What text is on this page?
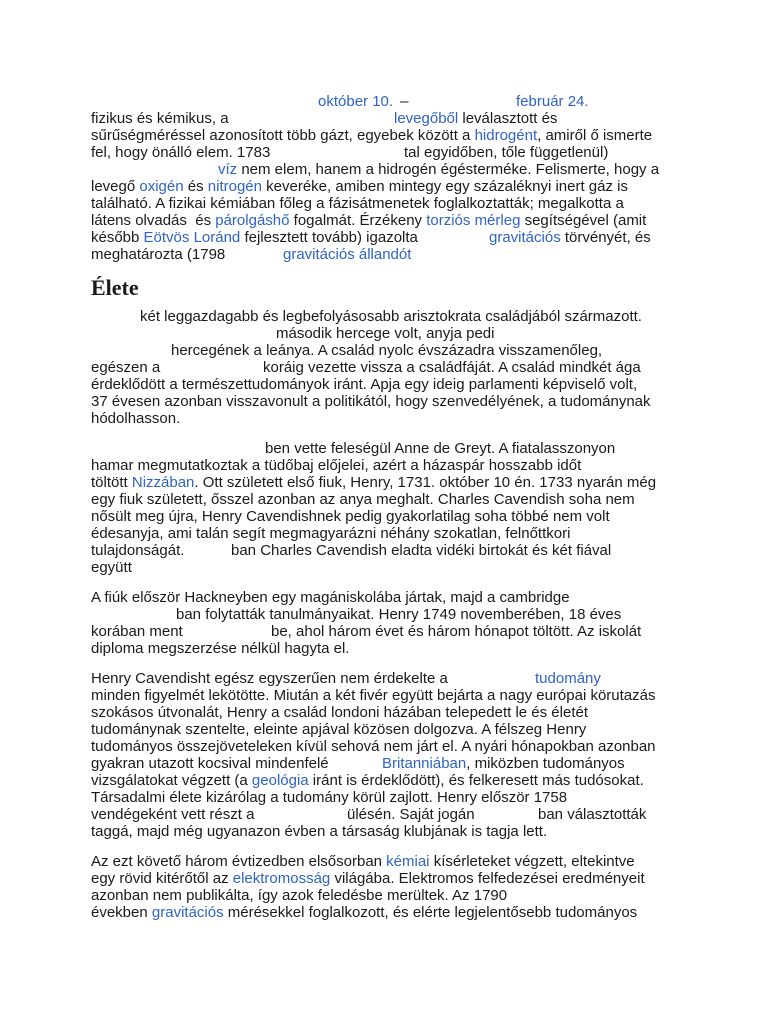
október 10. –	február 24.
fizikus és kémikus, a	levegőből leválasztott és
sűrűségméréssel azonosított több gázt, egyebek között a hidrogént, amiről ő ismerte
fel, hogy önálló elem. 1783	tal egyidőben, tőle függetlenül)
víz nem elem, hanem a hidrogén égésterméke. Felismerte, hogy a
levegő oxigén és nitrogén keveréke, amiben mintegy egy százaléknyi inert gáz is
található. A fizikai kémiában főleg a fázisátmenetek foglalkoztatták; megalkotta a
látens olvadás  és párolgáshő fogalmát. Érzékeny torziós mérleg segítségével (amit
később Eötvös Loránd fejlesztett tovább) igazolta	gravitációs törvényét, és
meghatározta (1798	gravitációs állandót
Élete
két leggazdagabb és legbefolyásosabb arisztokrata családjából származott.
második hercege volt, anyja pedi
hercegének a leánya. A család nyolc évszázadra visszamenőleg,
egészen a	koráig vezette vissza a családfáját. A család mindkét ága
érdeklődött a természettudományok iránt. Apja egy ideig parlamenti képviselő volt,
37 évesen azonban visszavonult a politikától, hogy szenvedélyének, a tudománynak
hódolhasson.
ben vette feleségül Anne de Greyt. A fiatalasszonyon
hamar megmutatkoztak a tüdőbaj előjelei, azért a házaspár hosszabb időt
töltött Nizzában. Ott született első fiuk, Henry, 1731. október 10 én. 1733 nyarán még
egy fiuk született, ősszel azonban az anya meghalt. Charles Cavendish soha nem
nősült meg újra, Henry Cavendishnek pedig gyakorlatilag soha többé nem volt
édesanyja, ami talán segít megmagyarázni néhány szokatlan, felnőttkori
tulajdonságát.	ban Charles Cavendish eladta vidéki birtokát és két fiával
együtt
A fiúk először Hackneyben egy magániskolába jártak, majd a cambridge
ban folytatták tanulmányaikat. Henry 1749 novemberében, 18 éves
korában ment	be, ahol három évet és három hónapot töltött. Az iskolát
diploma megszerzése nélkül hagyta el.
Henry Cavendisht egész egyszerűen nem érdekelte a	tudomány
minden figyelmét lekötötte. Miután a két fivér együtt bejárta a nagy európai körutazás
szokásos útvonalát, Henry a család londoni házában telepedett le és életét
tudománynak szentelte, eleinte apjával közösen dolgozva. A félszeg Henry
tudományos összejöveteleken kívül sehová nem járt el. A nyári hónapokban azonban
gyakran utazott kocsival mindenfelé	Britanniában, miközben tudományos
vizsgálatokat végzett (a geológia iránt is érdeklődött), és felkeresett más tudósokat.
Társadalmi élete kizárólag a tudomány körül zajlott. Henry először 1758
vendégeként vett részt a	ülésén. Saját jogán	ban választották
taggá, majd még ugyanazon évben a társaság klubjának is tagja lett.
Az ezt követő három évtizedben elsősorban kémiai kísérleteket végzett, eltekintve
egy rövid kitérőtől az elektromosság világába. Elektromos felfedezései eredményeit
azonban nem publikálta, így azok feledésbe merültek. Az 1790
években gravitációs mérésekkel foglalkozott, és elérte legjelentősebb tudományos
